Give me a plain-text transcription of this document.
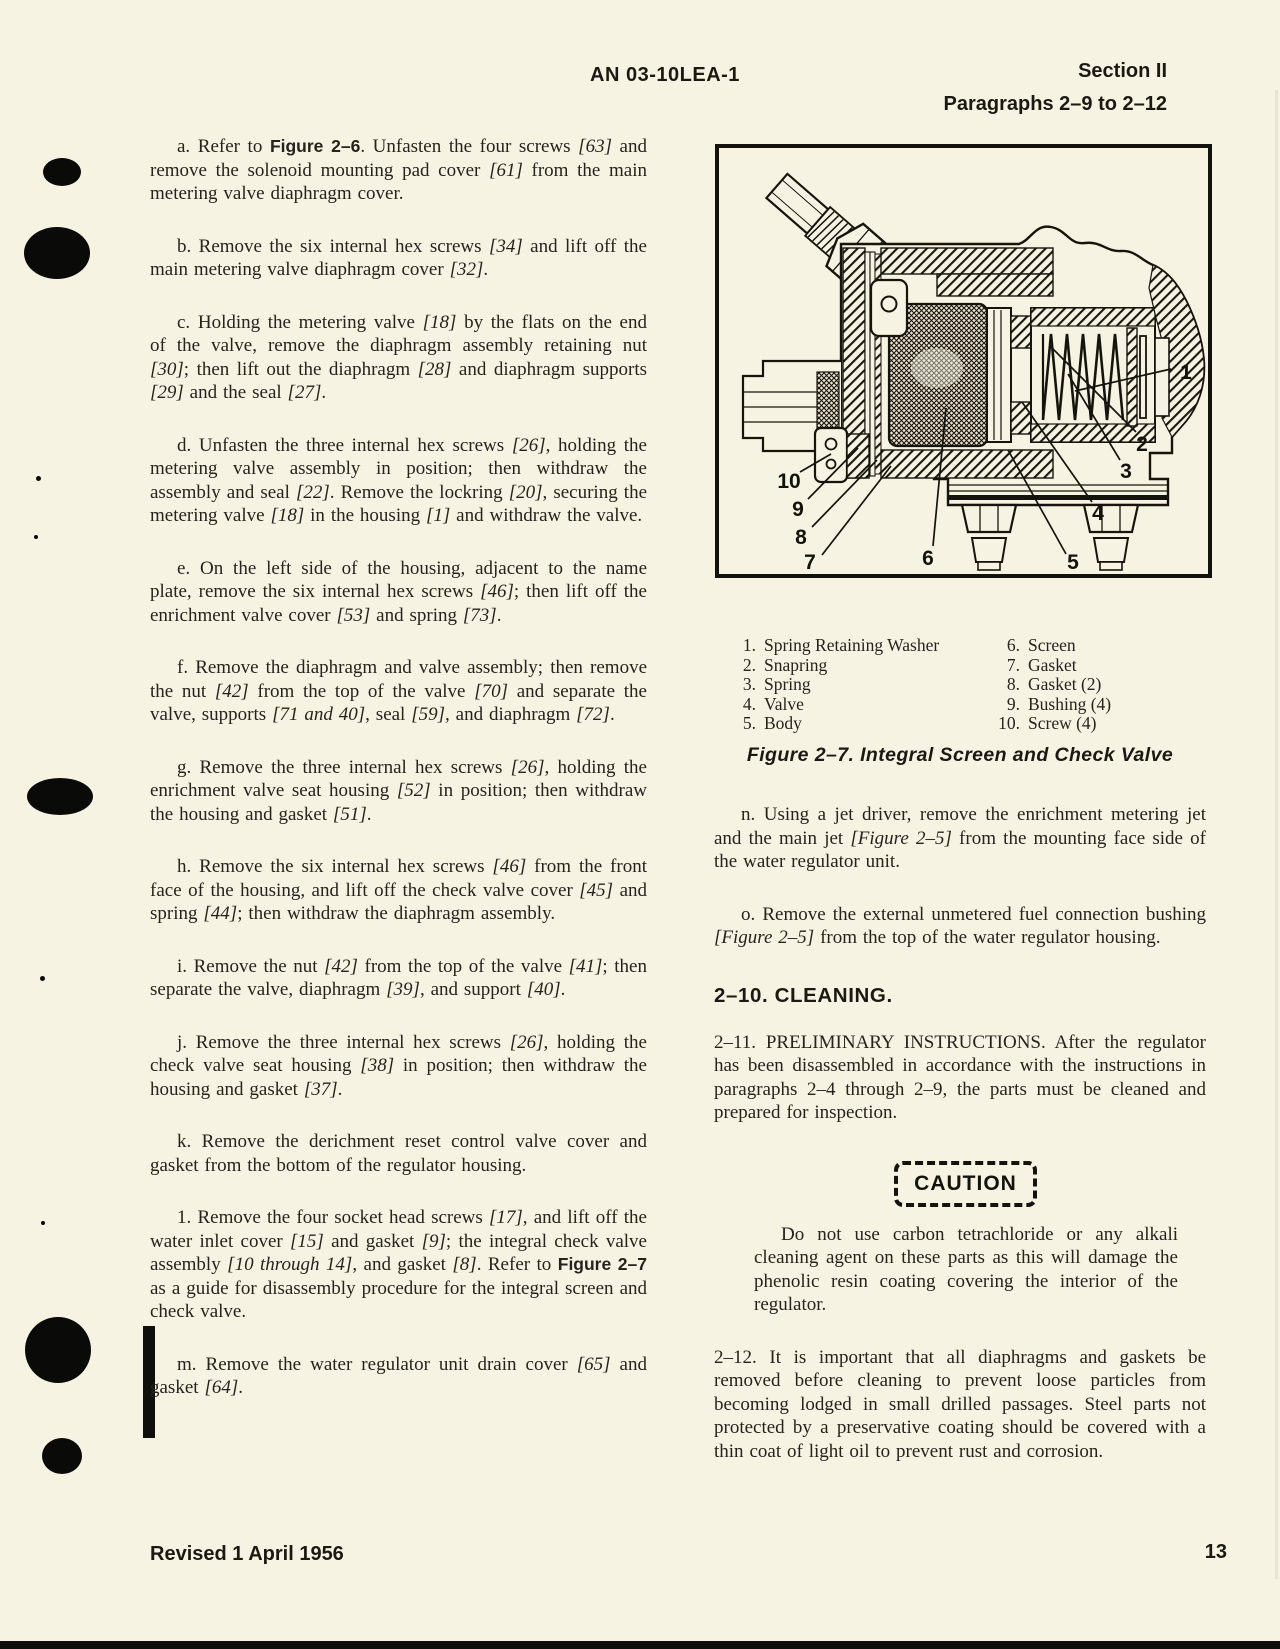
AN 03-10LEA-1	Section II
Paragraphs 2–9 to 2–12

a. Refer to Figure 2–6. Unfasten the four screws [63] and remove the solenoid mounting pad cover [61] from the main metering valve diaphragm cover.

b. Remove the six internal hex screws [34] and lift off the main metering valve diaphragm cover [32].

c. Holding the metering valve [18] by the flats on the end of the valve, remove the diaphragm assembly retaining nut [30]; then lift out the diaphragm [28] and diaphragm supports [29] and the seal [27].

d. Unfasten the three internal hex screws [26], holding the metering valve assembly in position; then withdraw the assembly and seal [22]. Remove the lockring [20], securing the metering valve [18] in the housing [1] and withdraw the valve.

e. On the left side of the housing, adjacent to the name plate, remove the six internal hex screws [46]; then lift off the enrichment valve cover [53] and spring [73].

f. Remove the diaphragm and valve assembly; then remove the nut [42] from the top of the valve [70] and separate the valve, supports [71 and 40], seal [59], and diaphragm [72].

g. Remove the three internal hex screws [26], holding the enrichment valve seat housing [52] in position; then withdraw the housing and gasket [51].

h. Remove the six internal hex screws [46] from the front face of the housing, and lift off the check valve cover [45] and spring [44]; then withdraw the diaphragm assembly.

i. Remove the nut [42] from the top of the valve [41]; then separate the valve, diaphragm [39], and support [40].

j. Remove the three internal hex screws [26], holding the check valve seat housing [38] in position; then withdraw the housing and gasket [37].

k. Remove the derichment reset control valve cover and gasket from the bottom of the regulator housing.

1. Remove the four socket head screws [17], and lift off the water inlet cover [15] and gasket [9]; the integral check valve assembly [10 through 14], and gasket [8]. Refer to Figure 2–7 as a guide for disassembly procedure for the integral screen and check valve.

m. Remove the water regulator unit drain cover [65] and gasket [64].

1
2
3
4
5
6
7
8
9
10
1. Spring Retaining Washer
2. Snapring
3. Spring
4. Valve
5. Body
6. Screen
7. Gasket
8. Gasket (2)
9. Bushing (4)
10. Screw (4)
Figure 2–7. Integral Screen and Check Valve

n. Using a jet driver, remove the enrichment metering jet and the main jet [Figure 2–5] from the mounting face side of the water regulator unit.

o. Remove the external unmetered fuel connection bushing [Figure 2–5] from the top of the water regulator housing.

2–10. CLEANING.

2–11. PRELIMINARY INSTRUCTIONS. After the regulator has been disassembled in accordance with the instructions in paragraphs 2–4 through 2–9, the parts must be cleaned and prepared for inspection.

CAUTION

Do not use carbon tetrachloride or any alkali cleaning agent on these parts as this will damage the phenolic resin coating covering the interior of the regulator.

2–12. It is important that all diaphragms and gaskets be removed before cleaning to prevent loose particles from becoming lodged in small drilled passages. Steel parts not protected by a preservative coating should be covered with a thin coat of light oil to prevent rust and corrosion.

Revised 1 April 1956	13
